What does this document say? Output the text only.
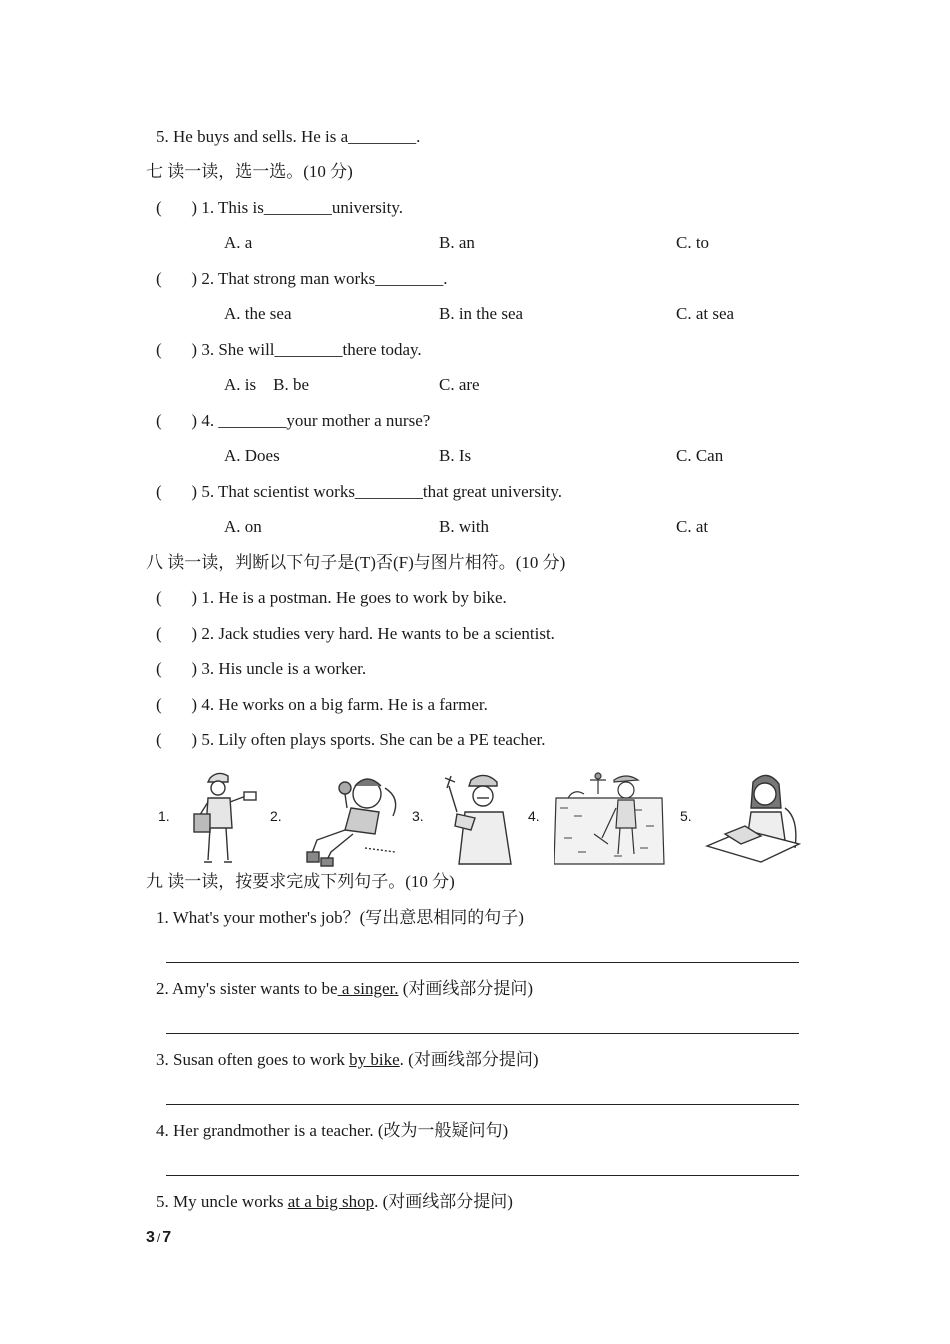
5. He buys and sells. He is a________.
七 读一读，选一选。(10 分)
(       ) 1. This is________university.
A. a	B. an	C. to
(       ) 2. That strong man works________.
A. the sea	B. in the sea	C. at sea
(       ) 3. She will________there today.
A. is    B. be	C. are
(       ) 4. ________your mother a nurse?
A. Does	B. Is	C. Can
(       ) 5. That scientist works________that great university.
A. on	B. with	C. at
八 读一读，判断以下句子是(T)否(F)与图片相符。(10 分)
(       ) 1. He is a postman. He goes to work by bike.
(       ) 2. Jack studies very hard. He wants to be a scientist.
(       ) 3. His uncle is a worker.
(       ) 4. He works on a big farm. He is a farmer.
(       ) 5. Lily often plays sports. She can be a PE teacher.
1.	2.	3.	4.	5.
九 读一读，按要求完成下列句子。(10 分)
1. What's your mother's job？(写出意思相同的句子)
2. Amy's sister wants to be a singer. (对画线部分提问)
3. Susan often goes to work by bike. (对画线部分提问)
4. Her grandmother is a teacher. (改为一般疑问句)
5. My uncle works at a big shop. (对画线部分提问)
3 / 7
